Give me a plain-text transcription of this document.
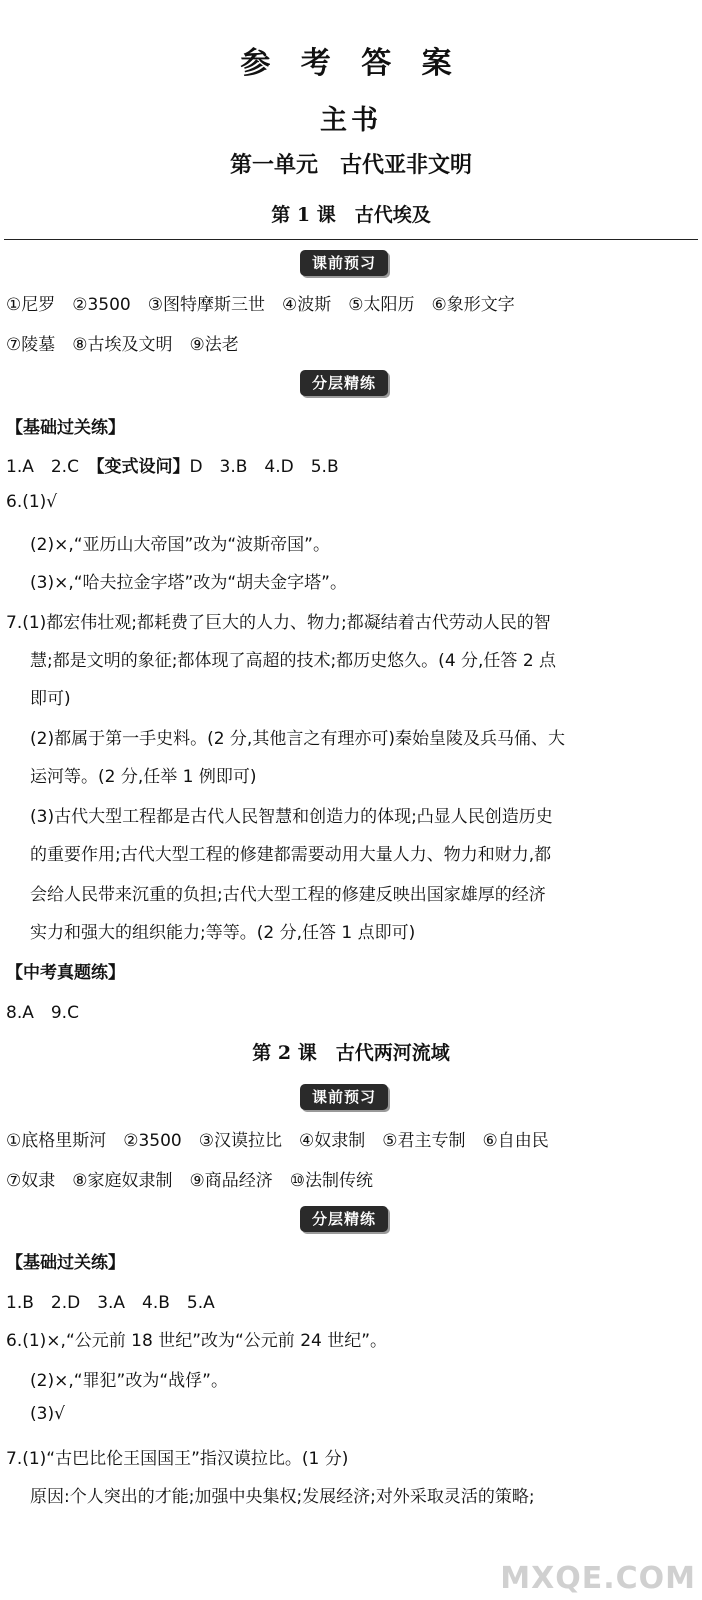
参 考 答 案
主书
第一单元　古代亚非文明
第 1 课　古代埃及
课前预习
①尼罗　②3500　③图特摩斯三世　④波斯　⑤太阳历　⑥象形文字
⑦陵墓　⑧古埃及文明　⑨法老
分层精练
【基础过关练】
1.A　2.C　【变式设问】D　3.B　4.D　5.B
6.(1)√
(2)×,“亚历山大帝国”改为“波斯帝国”。
(3)×,“哈夫拉金字塔”改为“胡夫金字塔”。
7.(1)都宏伟壮观;都耗费了巨大的人力、物力;都凝结着古代劳动人民的智
慧;都是文明的象征;都体现了高超的技术;都历史悠久。(4 分,任答 2 点
即可)
(2)都属于第一手史料。(2 分,其他言之有理亦可)秦始皇陵及兵马俑、大
运河等。(2 分,任举 1 例即可)
(3)古代大型工程都是古代人民智慧和创造力的体现;凸显人民创造历史
的重要作用;古代大型工程的修建都需要动用大量人力、物力和财力,都
会给人民带来沉重的负担;古代大型工程的修建反映出国家雄厚的经济
实力和强大的组织能力;等等。(2 分,任答 1 点即可)
【中考真题练】
8.A　9.C
第 2 课　古代两河流域
课前预习
①底格里斯河　②3500　③汉谟拉比　④奴隶制　⑤君主专制　⑥自由民
⑦奴隶　⑧家庭奴隶制　⑨商品经济　⑩法制传统
分层精练
【基础过关练】
1.B　2.D　3.A　4.B　5.A
6.(1)×,“公元前 18 世纪”改为“公元前 24 世纪”。
(2)×,“罪犯”改为“战俘”。
(3)√
7.(1)“古巴比伦王国国王”指汉谟拉比。(1 分)
原因:个人突出的才能;加强中央集权;发展经济;对外采取灵活的策略;
MXQE.COM
